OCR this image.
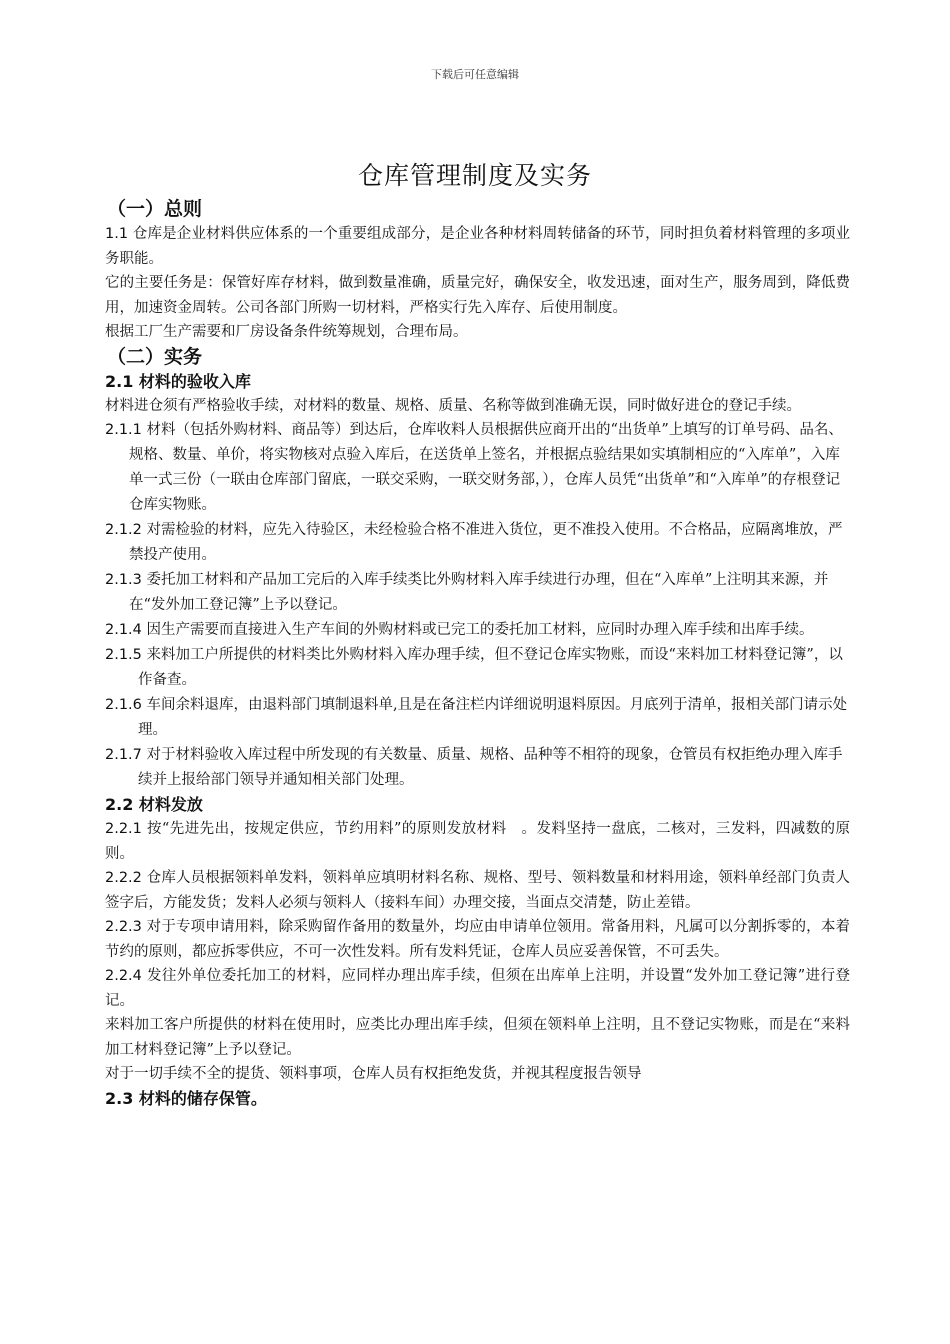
下载后可任意编辑
仓库管理制度及实务
（一）总则

1.1 仓库是企业材料供应体系的一个重要组成部分，是企业各种材料周转储备的环节，同时担负着材料管理的多项业务职能。

它的主要任务是：保管好库存材料，做到数量准确，质量完好，确保安全，收发迅速，面对生产，服务周到，降低费用，加速资金周转。公司各部门所购一切材料，严格实行先入库存、后使用制度。

根据工厂生产需要和厂房设备条件统筹规划，合理布局。

（二）实务
2.1 材料的验收入库

材料进仓须有严格验收手续，对材料的数量、规格、质量、名称等做到准确无误，同时做好进仓的登记手续。

2.1.1 材料（包括外购材料、商品等）到达后，仓库收料人员根据供应商开出的“出货单”上填写的订单号码、品名、规格、数量、单价，将实物核对点验入库后，在送货单上签名，并根据点验结果如实填制相应的“入库单”，入库单一式三份（一联由仓库部门留底，一联交采购，一联交财务部，），仓库人员凭“出货单”和“入库单”的存根登记仓库实物账。

2.1.2 对需检验的材料，应先入待验区，未经检验合格不准进入货位，更不准投入使用。不合格品，应隔离堆放，严禁投产使用。

2.1.3 委托加工材料和产品加工完后的入库手续类比外购材料入库手续进行办理，但在“入库单”上注明其来源，并在“发外加工登记簿”上予以登记。

2.1.4 因生产需要而直接进入生产车间的外购材料或已完工的委托加工材料，应同时办理入库手续和出库手续。

2.1.5 来料加工户所提供的材料类比外购材料入库办理手续，但不登记仓库实物账，而设“来料加工材料登记簿”，以作备查。

2.1.6 车间余料退库，由退料部门填制退料单,且是在备注栏内详细说明退料原因。月底列于清单，报相关部门请示处理。

2.1.7 对于材料验收入库过程中所发现的有关数量、质量、规格、品种等不相符的现象，仓管员有权拒绝办理入库手续并上报给部门领导并通知相关部门处理。

2.2 材料发放

2.2.1 按“先进先出，按规定供应，节约用料”的原则发放材料　。发料坚持一盘底，二核对，三发料，四减数的原则。

2.2.2 仓库人员根据领料单发料，领料单应填明材料名称、规格、型号、领料数量和材料用途，领料单经部门负责人签字后，方能发货；发料人必须与领料人（接料车间）办理交接，当面点交清楚，防止差错。

2.2.3 对于专项申请用料，除采购留作备用的数量外，均应由申请单位领用。常备用料，凡属可以分割拆零的，本着节约的原则，都应拆零供应，不可一次性发料。所有发料凭证，仓库人员应妥善保管，不可丢失。

2.2.4 发往外单位委托加工的材料，应同样办理出库手续，但须在出库单上注明，并设置“发外加工登记簿”进行登记。

来料加工客户所提供的材料在使用时，应类比办理出库手续，但须在领料单上注明，且不登记实物账，而是在“来料加工材料登记簿”上予以登记。

对于一切手续不全的提货、领料事项，仓库人员有权拒绝发货，并视其程度报告领导

2.3 材料的储存保管。
